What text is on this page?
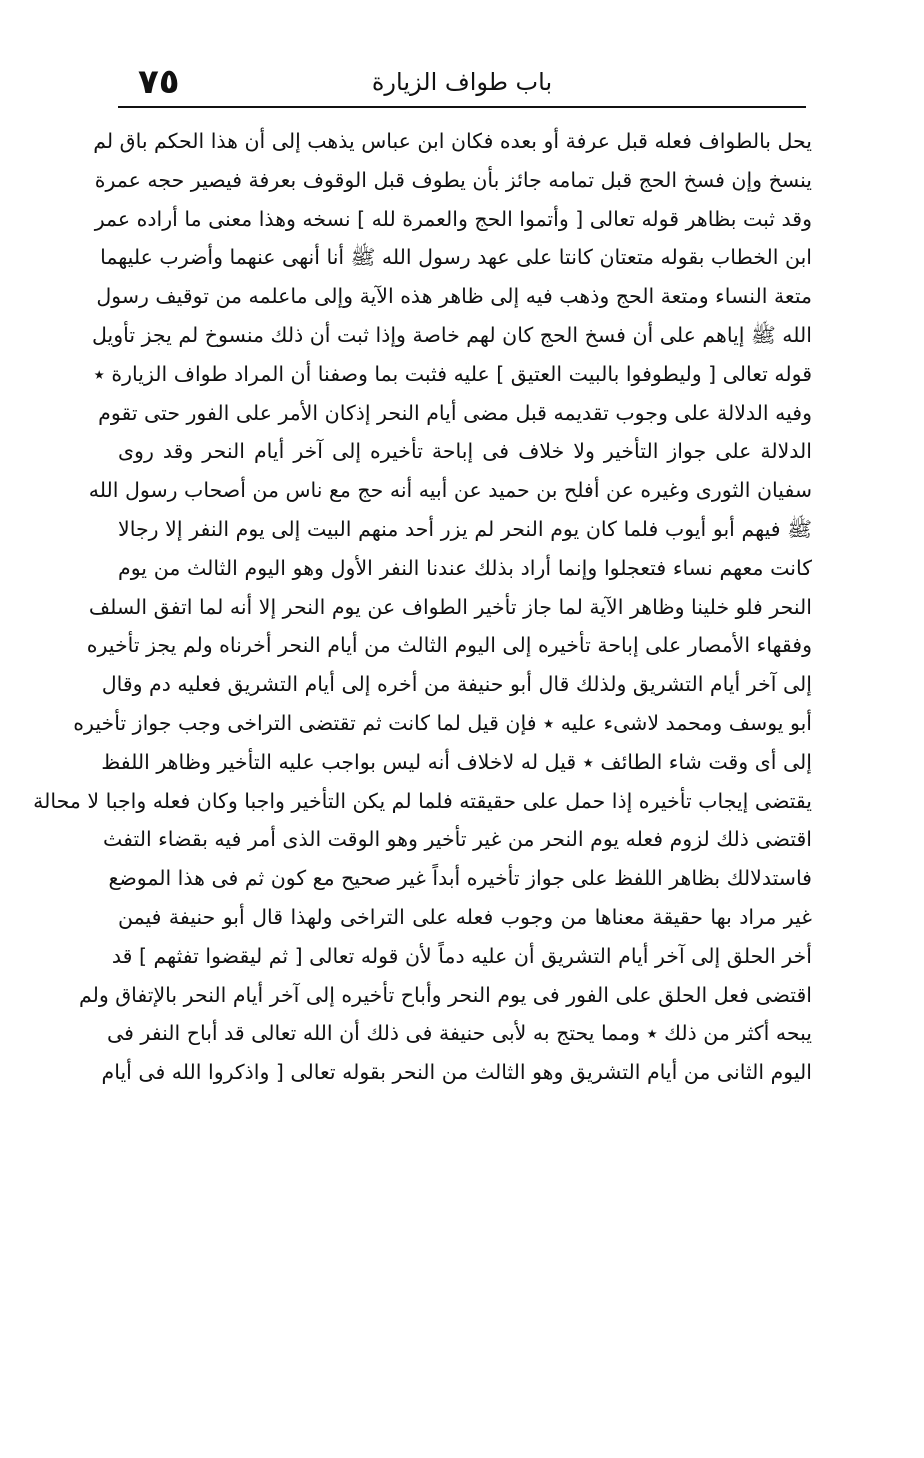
٧٥	باب طواف الزيارة
يحل بالطواف فعله قبل عرفة أو بعده فكان ابن عباس يذهب إلى أن هذا الحكم باق لم
ينسخ وإن فسخ الحج قبل تمامه جائز بأن يطوف قبل الوقوف بعرفة فيصير حجه عمرة
وقد ثبت بظاهر قوله تعالى [ وأتموا الحج والعمرة لله ] نسخه وهذا معنى ما أراده عمر
ابن الخطاب بقوله متعتان كانتا على عهد رسول الله ﷺ أنا أنهى عنهما وأضرب عليهما
متعة النساء ومتعة الحج وذهب فيه إلى ظاهر هذه الآية وإلى ماعلمه من توقيف رسول
الله ﷺ إياهم على أن فسخ الحج كان لهم خاصة وإذا ثبت أن ذلك منسوخ لم يجز تأويل
قوله تعالى [ وليطوفوا بالبيت العتيق ] عليه فثبت بما وصفنا أن المراد طواف الزيارة ٭
وفيه الدلالة على وجوب تقديمه قبل مضى أيام النحر إذكان الأمر على الفور حتى تقوم
الدلالة على جواز التأخير ولا خلاف فى إباحة تأخيره إلى آخر أيام النحر وقد روى
سفيان الثورى وغيره عن أفلح بن حميد عن أبيه أنه حج مع ناس من أصحاب رسول الله
ﷺ فيهم أبو أيوب فلما كان يوم النحر لم يزر أحد منهم البيت إلى يوم النفر إلا رجالا
كانت معهم نساء فتعجلوا وإنما أراد بذلك عندنا النفر الأول وهو اليوم الثالث من يوم
النحر فلو خلينا وظاهر الآية لما جاز تأخير الطواف عن يوم النحر إلا أنه لما اتفق السلف
وفقهاء الأمصار على إباحة تأخيره إلى اليوم الثالث من أيام النحر أخرناه ولم يجز تأخيره
إلى آخر أيام التشريق ولذلك قال أبو حنيفة من أخره إلى أيام التشريق فعليه دم وقال
أبو يوسف ومحمد لاشىء عليه ٭ فإن قيل لما كانت ثم تقتضى التراخى وجب جواز تأخيره
إلى أى وقت شاء الطائف ٭ قيل له لاخلاف أنه ليس بواجب عليه التأخير وظاهر اللفظ
يقتضى إيجاب تأخيره إذا حمل على حقيقته فلما لم يكن التأخير واجبا وكان فعله واجبا لا محالة
اقتضى ذلك لزوم فعله يوم النحر من غير تأخير وهو الوقت الذى أمر فيه بقضاء التفث
فاستدلالك بظاهر اللفظ على جواز تأخيره أبداً غير صحيح مع كون ثم فى هذا الموضع
غير مراد بها حقيقة معناها من وجوب فعله على التراخى ولهذا قال أبو حنيفة فيمن
أخر الحلق إلى آخر أيام التشريق أن عليه دماً لأن قوله تعالى [ ثم ليقضوا تفثهم ] قد
اقتضى فعل الحلق على الفور فى يوم النحر وأباح تأخيره إلى آخر أيام النحر بالإتفاق ولم
يبحه أكثر من ذلك ٭ ومما يحتج به لأبى حنيفة فى ذلك أن الله تعالى قد أباح النفر فى
اليوم الثانى من أيام التشريق وهو الثالث من النحر بقوله تعالى [ واذكروا الله فى أيام
